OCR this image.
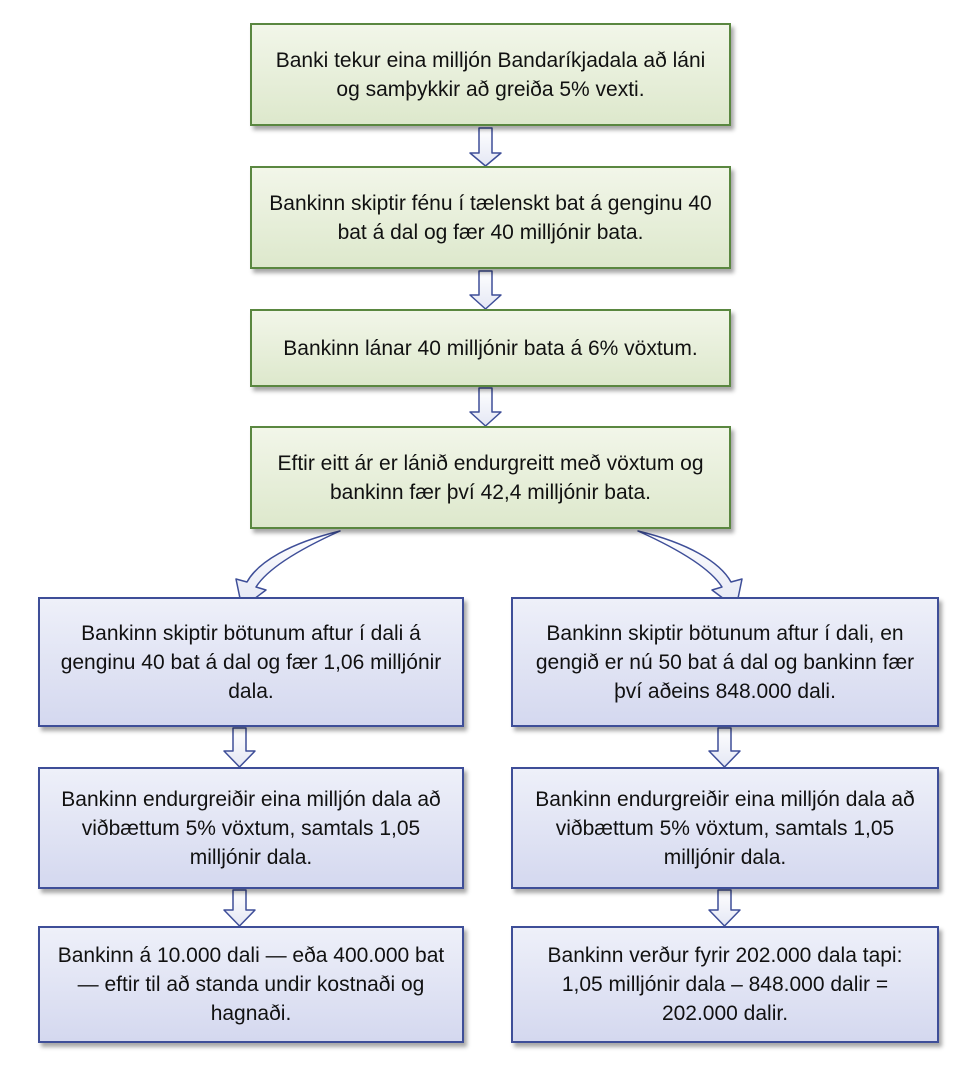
Banki tekur eina milljón Bandaríkjadala að láni og samþykkir að greiða 5% vexti.
Bankinn skiptir fénu í tælenskt bat á genginu 40 bat á dal og fær 40 milljónir bata.
Bankinn lánar 40 milljónir bata á 6% vöxtum.
Eftir eitt ár er lánið endurgreitt með vöxtum og bankinn fær því 42,4 milljónir bata.
Bankinn skiptir bötunum aftur í dali á genginu 40 bat á dal og fær 1,06 milljónir dala.
Bankinn endurgreiðir eina milljón dala að viðbættum 5% vöxtum, samtals 1,05 milljónir dala.
Bankinn á 10.000 dali — eða 400.000 bat — eftir til að standa undir kostnaði og hagnaði.
Bankinn skiptir bötunum aftur í dali, en gengið er nú 50 bat á dal og bankinn fær því aðeins 848.000 dali.
Bankinn endurgreiðir eina milljón dala að viðbættum 5% vöxtum, samtals 1,05 milljónir dala.
Bankinn verður fyrir 202.000 dala tapi: 1,05 milljónir dala – 848.000 dalir = 202.000 dalir.
